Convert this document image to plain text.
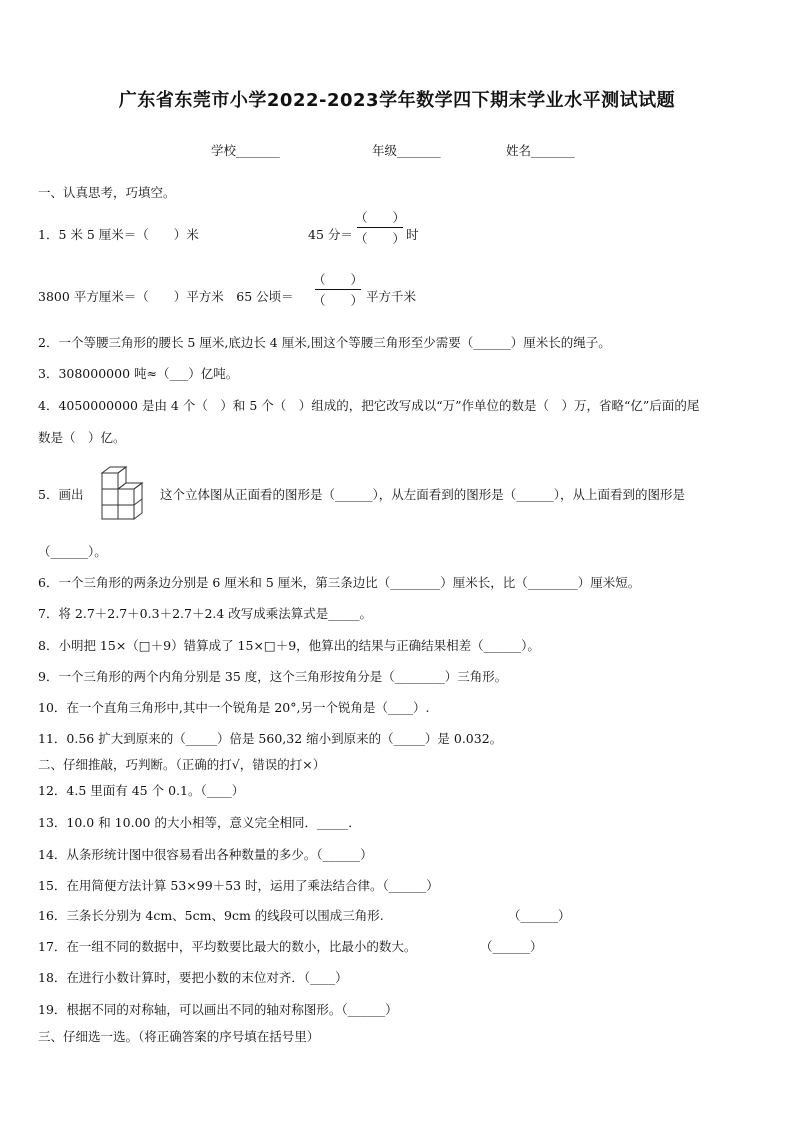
广东省东莞市小学2022-2023学年数学四下期末学业水平测试试题
学校_______	年级_______	姓名_______
一、认真思考，巧填空。
1．5 米 5 厘米＝（　　）米	45 分＝
（　　）
（　　） 时
3800 平方厘米＝（　　）平方米　65 公顷＝
（　　）
（　　） 平方千米
2．一个等腰三角形的腰长 5 厘米,底边长 4 厘米,围这个等腰三角形至少需要（______）厘米长的绳子。
3．308000000 吨≈（___）亿吨。
4．4050000000 是由 4 个（　）和 5 个（　）组成的，把它改写成以“万”作单位的数是（　）万，省略“亿”后面的尾
数是（　）亿。
5．画出	这个立体图从正面看的图形是（______），从左面看到的图形是（______），从上面看到的图形是
（______）。
6．一个三角形的两条边分别是 6 厘米和 5 厘米，第三条边比（________）厘米长，比（________）厘米短。
7．将 2.7＋2.7＋0.3＋2.7＋2.4 改写成乘法算式是_____。
8．小明把 15×（□＋9）错算成了 15×□＋9，他算出的结果与正确结果相差（______）。
9．一个三角形的两个内角分别是 35 度，这个三角形按角分是（________）三角形。
10．在一个直角三角形中,其中一个锐角是 20°,另一个锐角是（____）.
11．0.56 扩大到原来的（_____）倍是 560,32 缩小到原来的（_____）是 0.032。
二、仔细推敲，巧判断。（正确的打√，错误的打×）
12．4.5 里面有 45 个 0.1。（____）
13．10.0 和 10.00 的大小相等，意义完全相同．_____．
14．从条形统计图中很容易看出各种数量的多少。（______）
15．在用简便方法计算 53×99＋53 时，运用了乘法结合律。（______）
16．三条长分别为 4cm、5cm、9cm 的线段可以围成三角形.	（______）
17．在一组不同的数据中，平均数要比最大的数小，比最小的数大。	（______）
18．在进行小数计算时，要把小数的末位对齐．（____）
19．根据不同的对称轴，可以画出不同的轴对称图形。（______）
三、仔细选一选。（将正确答案的序号填在括号里）
